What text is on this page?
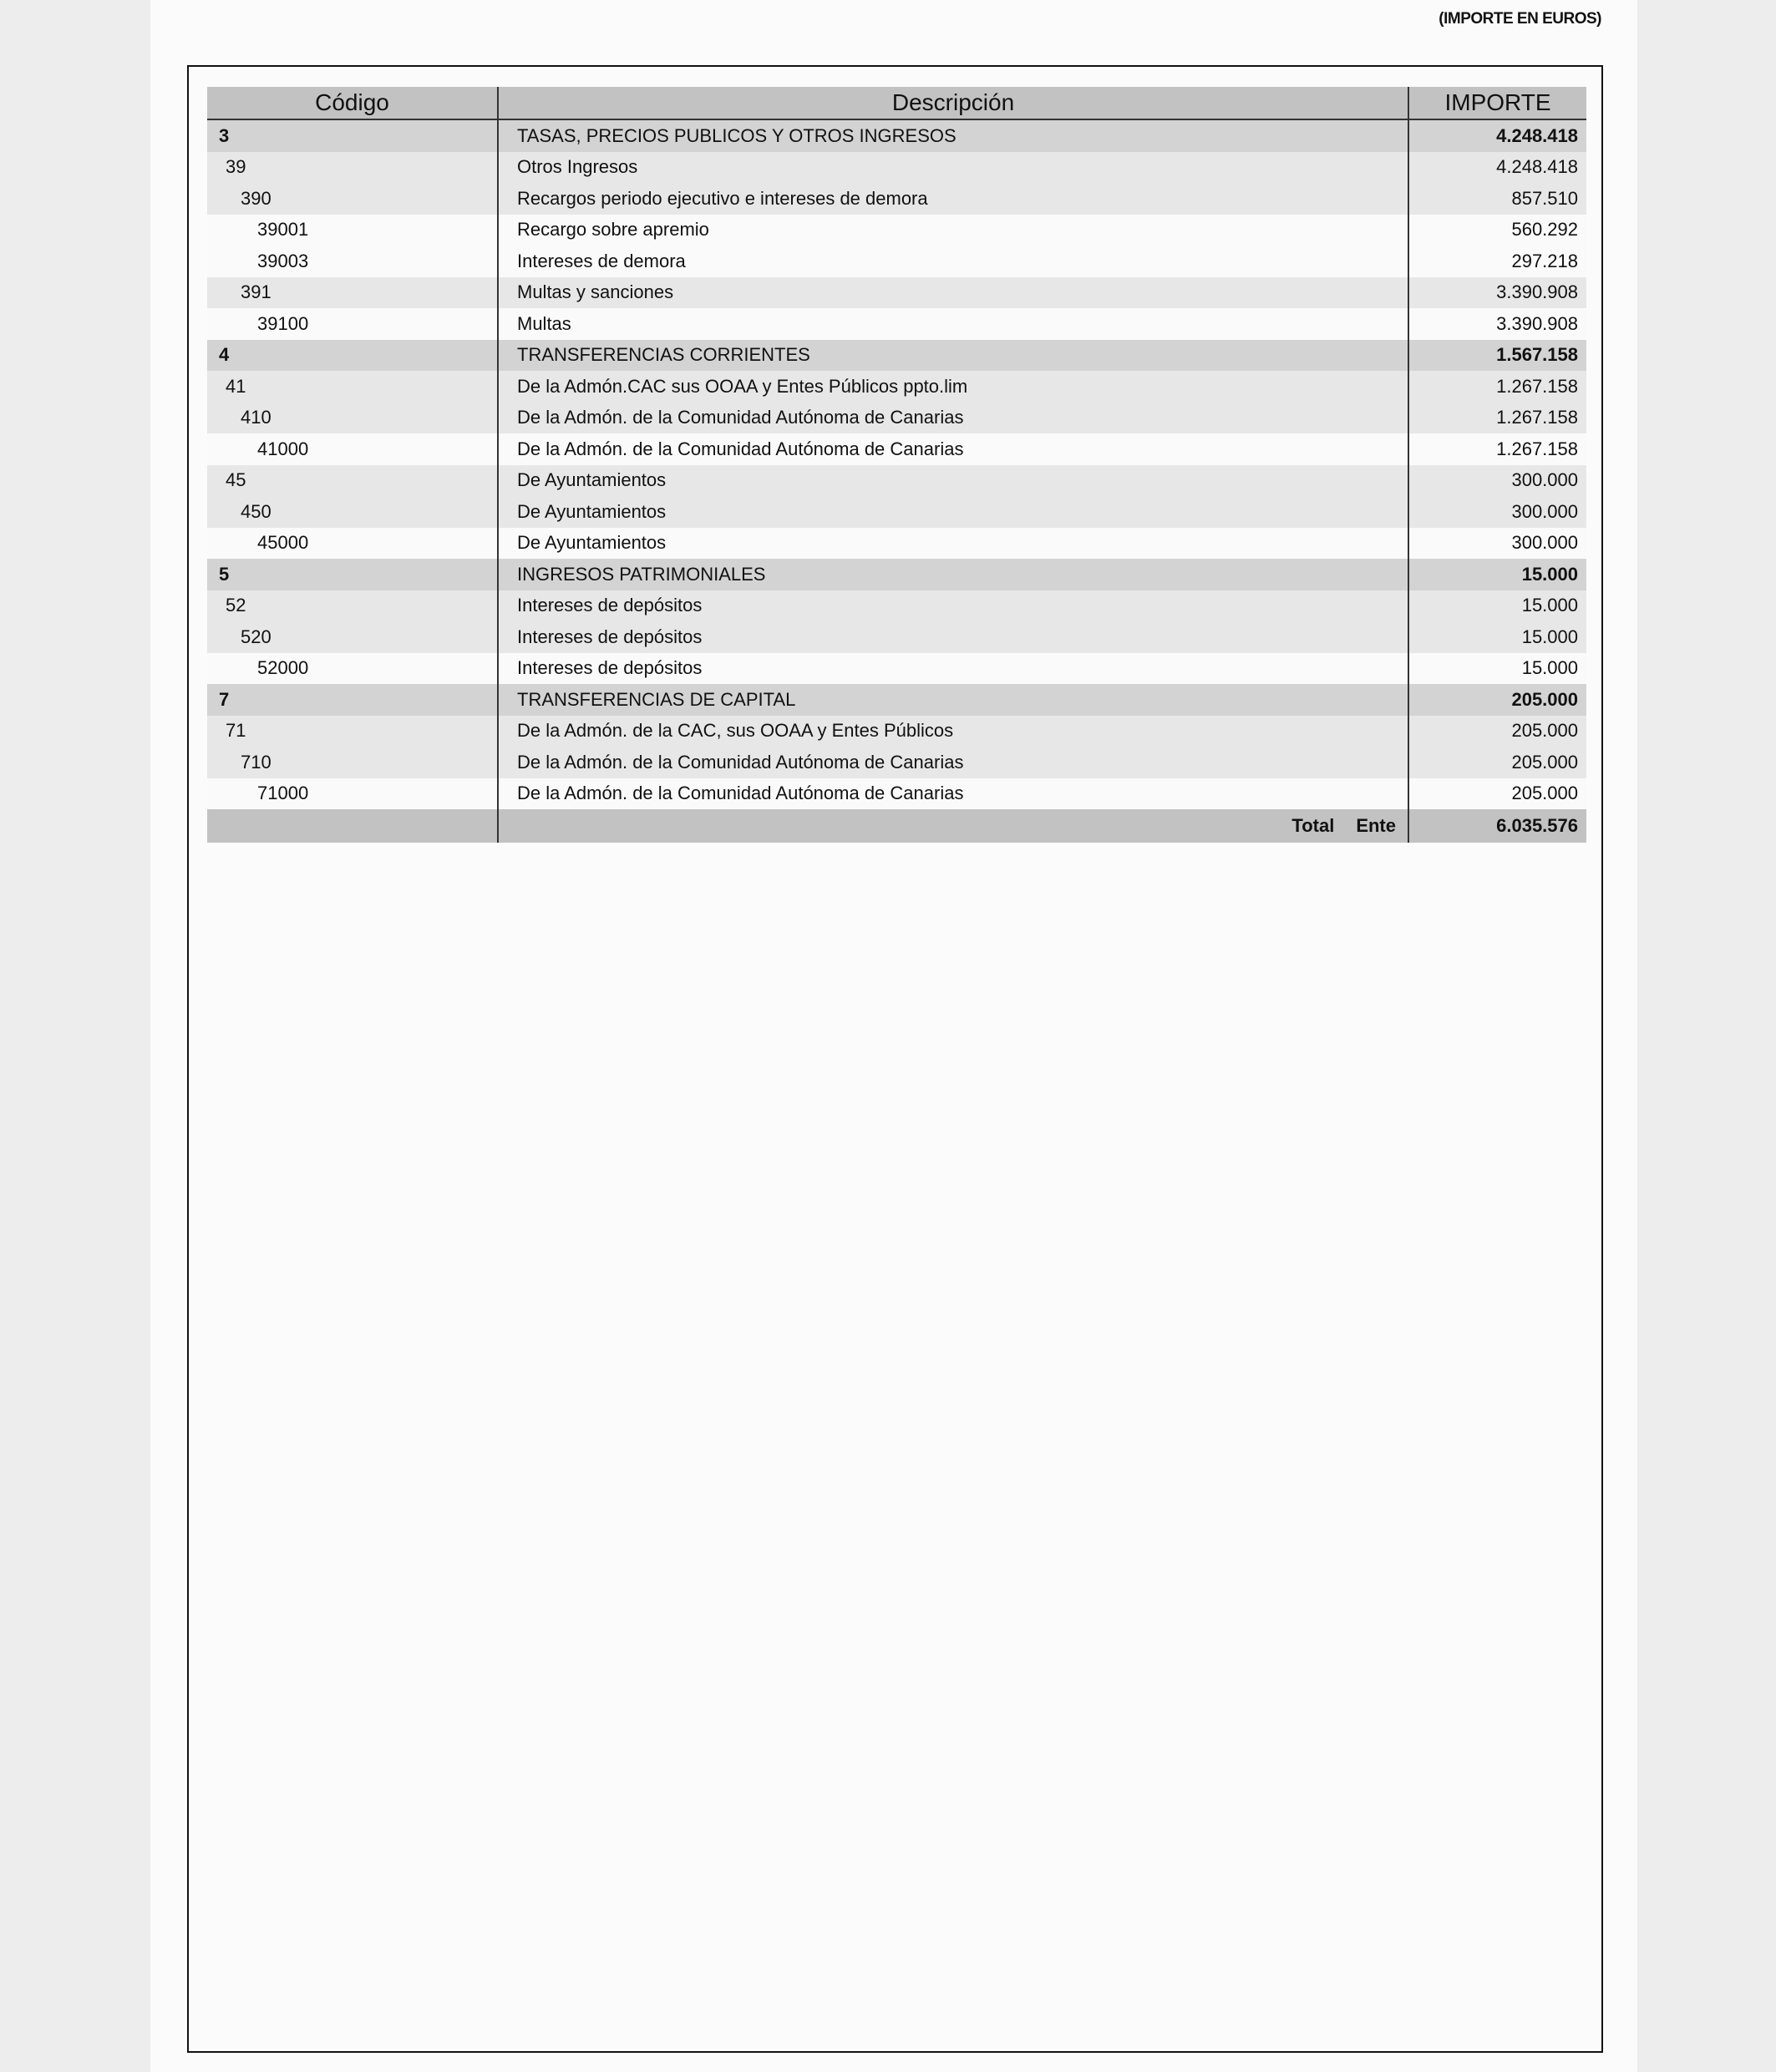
(IMPORTE EN EUROS)
Código	Descripción	IMPORTE
3	TASAS, PRECIOS PUBLICOS Y OTROS INGRESOS	4.248.418
39	Otros Ingresos	4.248.418
390	Recargos periodo ejecutivo e intereses de demora	857.510
39001	Recargo sobre apremio	560.292
39003	Intereses de demora	297.218
391	Multas y sanciones	3.390.908
39100	Multas	3.390.908
4	TRANSFERENCIAS CORRIENTES	1.567.158
41	De la Admón.CAC sus OOAA y Entes Públicos ppto.lim	1.267.158
410	De la Admón. de la Comunidad Autónoma de Canarias	1.267.158
41000	De la Admón. de la Comunidad Autónoma de Canarias	1.267.158
45	De Ayuntamientos	300.000
450	De Ayuntamientos	300.000
45000	De Ayuntamientos	300.000
5	INGRESOS PATRIMONIALES	15.000
52	Intereses de depósitos	15.000
520	Intereses de depósitos	15.000
52000	Intereses de depósitos	15.000
7	TRANSFERENCIAS DE CAPITAL	205.000
71	De la Admón. de la CAC, sus OOAA y Entes Públicos	205.000
710	De la Admón. de la Comunidad Autónoma de Canarias	205.000
71000	De la Admón. de la Comunidad Autónoma de Canarias	205.000
	Total Ente	6.035.576
